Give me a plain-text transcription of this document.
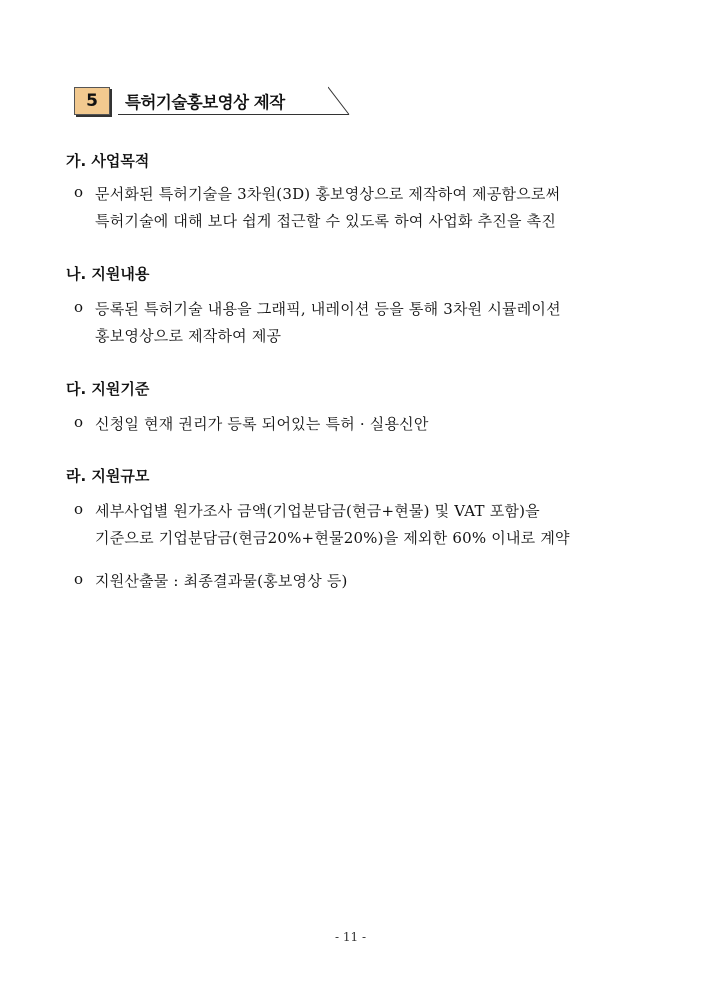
5	특허기술홍보영상 제작
가. 사업목적
o 문서화된 특허기술을 3차원(3D) 홍보영상으로 제작하여 제공함으로써
특허기술에 대해 보다 쉽게 접근할 수 있도록 하여 사업화 추진을 촉진
나. 지원내용
o 등록된 특허기술 내용을 그래픽, 내레이션 등을 통해 3차원 시뮬레이션
홍보영상으로 제작하여 제공
다. 지원기준
o 신청일 현재 권리가 등록 되어있는 특허 · 실용신안
라. 지원규모
o 세부사업별 원가조사 금액(기업분담금(현금+현물) 및 VAT 포함)을
기준으로 기업분담금(현금20%+현물20%)을 제외한 60% 이내로 계약
o 지원산출물 : 최종결과물(홍보영상 등)
- 11 -
